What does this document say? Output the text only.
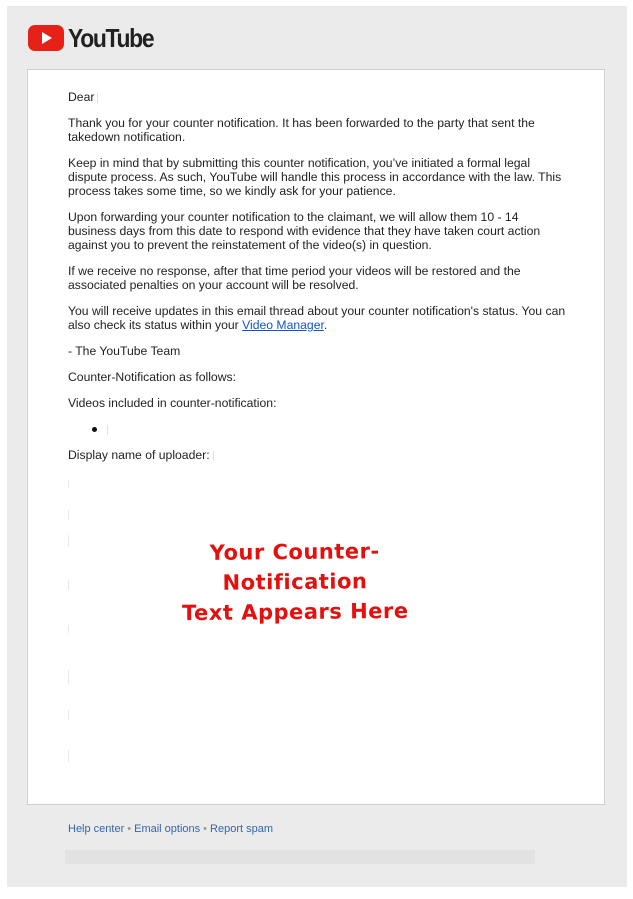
YouTube

Dear

Thank you for your counter notification. It has been forwarded to the party that sent the takedown notification.

Keep in mind that by submitting this counter notification, you’ve initiated a formal legal dispute process. As such, YouTube will handle this process in accordance with the law. This process takes some time, so we kindly ask for your patience.

Upon forwarding your counter notification to the claimant, we will allow them 10 - 14 business days from this date to respond with evidence that they have taken court action against you to prevent the reinstatement of the video(s) in question.

If we receive no response, after that time period your videos will be restored and the associated penalties on your account will be resolved.

You will receive updates in this email thread about your counter notification's status. You can also check its status within your Video Manager.

- The YouTube Team

Counter-Notification as follows:

Videos included in counter-notification:

Display name of uploader:

Your Counter-Notification
Text Appears Here
Help center • Email options • Report spam
